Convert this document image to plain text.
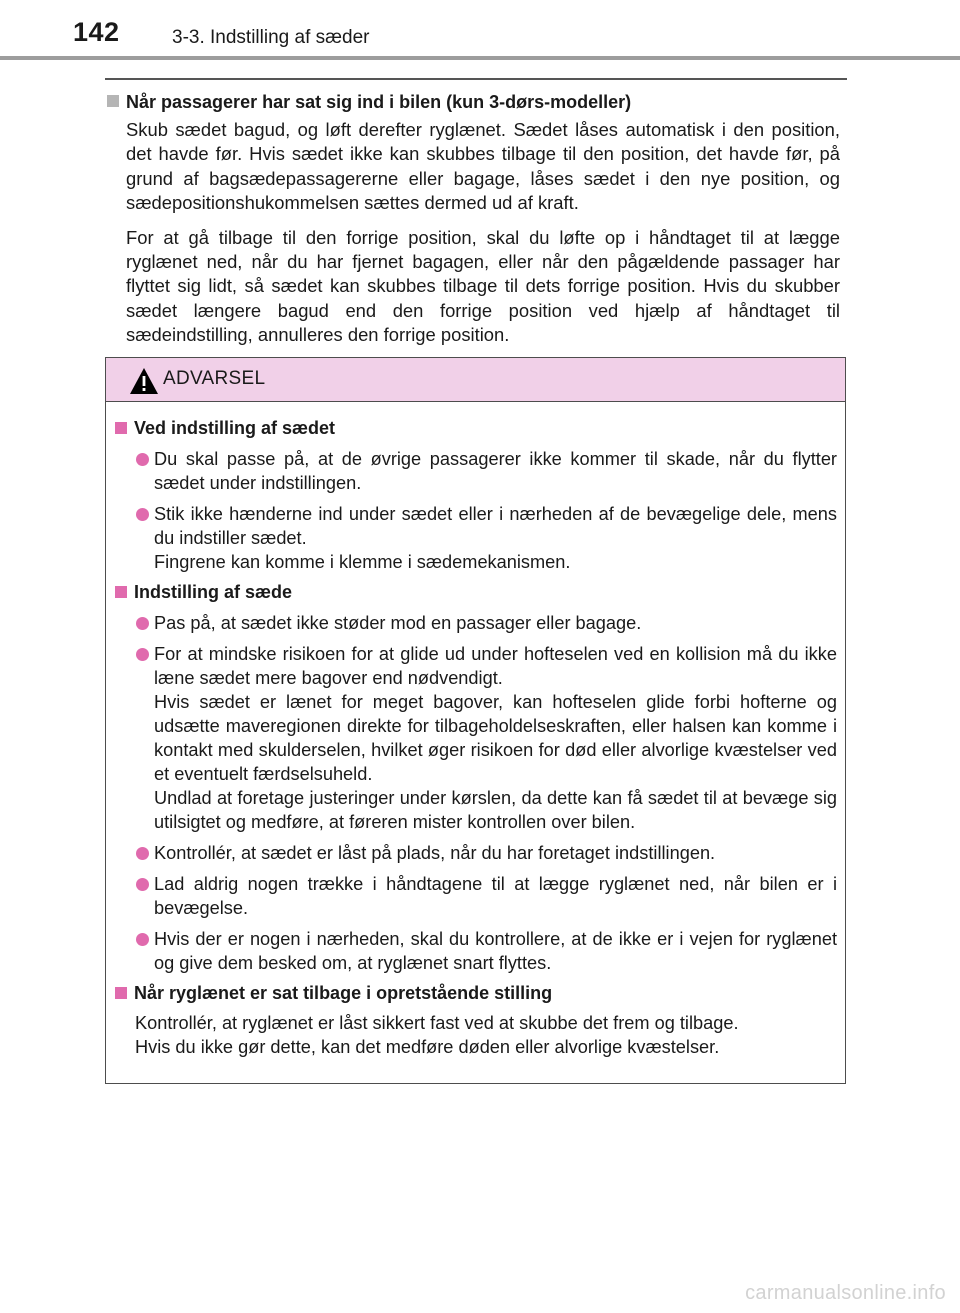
142	3-3. Indstilling af sæder
Når passagerer har sat sig ind i bilen (kun 3-dørs-modeller)

Skub sædet bagud, og løft derefter ryglænet. Sædet låses automatisk i den position, det havde før. Hvis sædet ikke kan skubbes tilbage til den position, det havde før, på grund af bagsædepassagererne eller bagage, låses sædet i den nye position, og sædepositionshukommelsen sættes dermed ud af kraft.

For at gå tilbage til den forrige position, skal du løfte op i håndtaget til at lægge ryglænet ned, når du har fjernet bagagen, eller når den pågældende passager har flyttet sig lidt, så sædet kan skubbes tilbage til dets forrige position. Hvis du skubber sædet længere bagud end den forrige position ved hjælp af håndtaget til sædeindstilling, annulleres den forrige position.

ADVARSEL
Ved indstilling af sædet
Du skal passe på, at de øvrige passagerer ikke kommer til skade, når du flytter sædet under indstillingen.
Stik ikke hænderne ind under sædet eller i nærheden af de bevægelige dele, mens du indstiller sædet.
Fingrene kan komme i klemme i sædemekanismen.
Indstilling af sæde
Pas på, at sædet ikke støder mod en passager eller bagage.
For at mindske risikoen for at glide ud under hofteselen ved en kollision må du ikke læne sædet mere bagover end nødvendigt.
Hvis sædet er lænet for meget bagover, kan hofteselen glide forbi hofterne og udsætte maveregionen direkte for tilbageholdelseskraften, eller halsen kan komme i kontakt med skulderselen, hvilket øger risikoen for død eller alvorlige kvæstelser ved et eventuelt færdselsuheld.
Undlad at foretage justeringer under kørslen, da dette kan få sædet til at bevæge sig utilsigtet og medføre, at føreren mister kontrollen over bilen.
Kontrollér, at sædet er låst på plads, når du har foretaget indstillingen.
Lad aldrig nogen trække i håndtagene til at lægge ryglænet ned, når bilen er i bevægelse.
Hvis der er nogen i nærheden, skal du kontrollere, at de ikke er i vejen for ryglænet og give dem besked om, at ryglænet snart flyttes.
Når ryglænet er sat tilbage i opretstående stilling
Kontrollér, at ryglænet er låst sikkert fast ved at skubbe det frem og tilbage.
Hvis du ikke gør dette, kan det medføre døden eller alvorlige kvæstelser.
carmanualsonline.info
